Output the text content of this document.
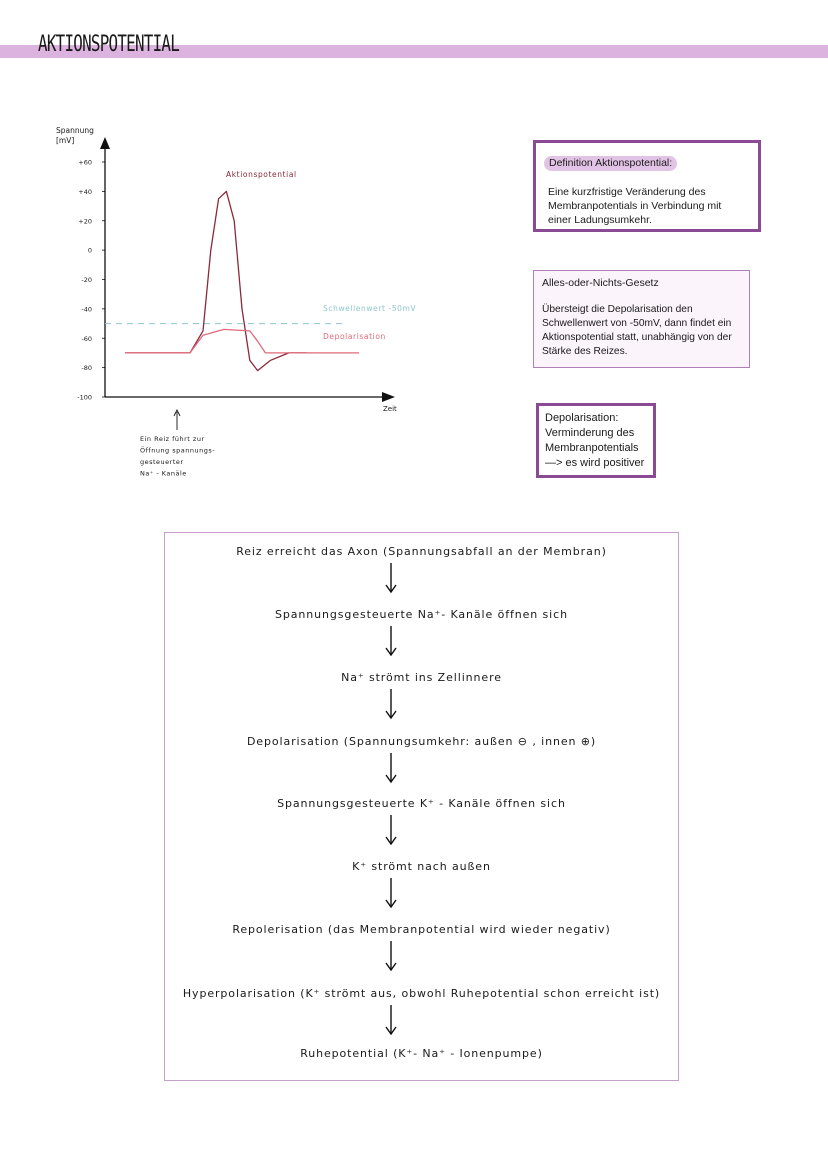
AKTIONSPOTENTIAL
Spannung
[mV]
Zeit
+60
+40
+20
0
-20
-40
-60
-80
-100
Schwellenwert -50mV
Aktionspotential
Depolarisation
Ein Reiz führt zur
Öffnung spannungs-
gesteuerter
Na⁺ - Kanäle
Definition Aktionspotential:
Eine kurzfristige Veränderung des Membranpotentials in Verbindung mit einer Ladungsumkehr.
Alles-oder-Nichts-Gesetz
Übersteigt die Depolarisation den Schwellenwert von -50mV, dann findet ein Aktionspotential statt, unabhängig von der Stärke des Reizes.
Depolarisation:
Verminderung des
Membranpotentials
—> es wird positiver
Reiz erreicht das Axon (Spannungsabfall an der Membran)
Spannungsgesteuerte Na⁺- Kanäle öffnen sich
Na⁺ strömt ins Zellinnere
Depolarisation (Spannungsumkehr: außen ⊖ , innen ⊕)
Spannungsgesteuerte K⁺ - Kanäle öffnen sich
K⁺ strömt nach außen
Repolerisation (das Membranpotential wird wieder negativ)
Hyperpolarisation (K⁺ strömt aus, obwohl Ruhepotential schon erreicht ist)
Ruhepotential (K⁺- Na⁺ - Ionenpumpe)
